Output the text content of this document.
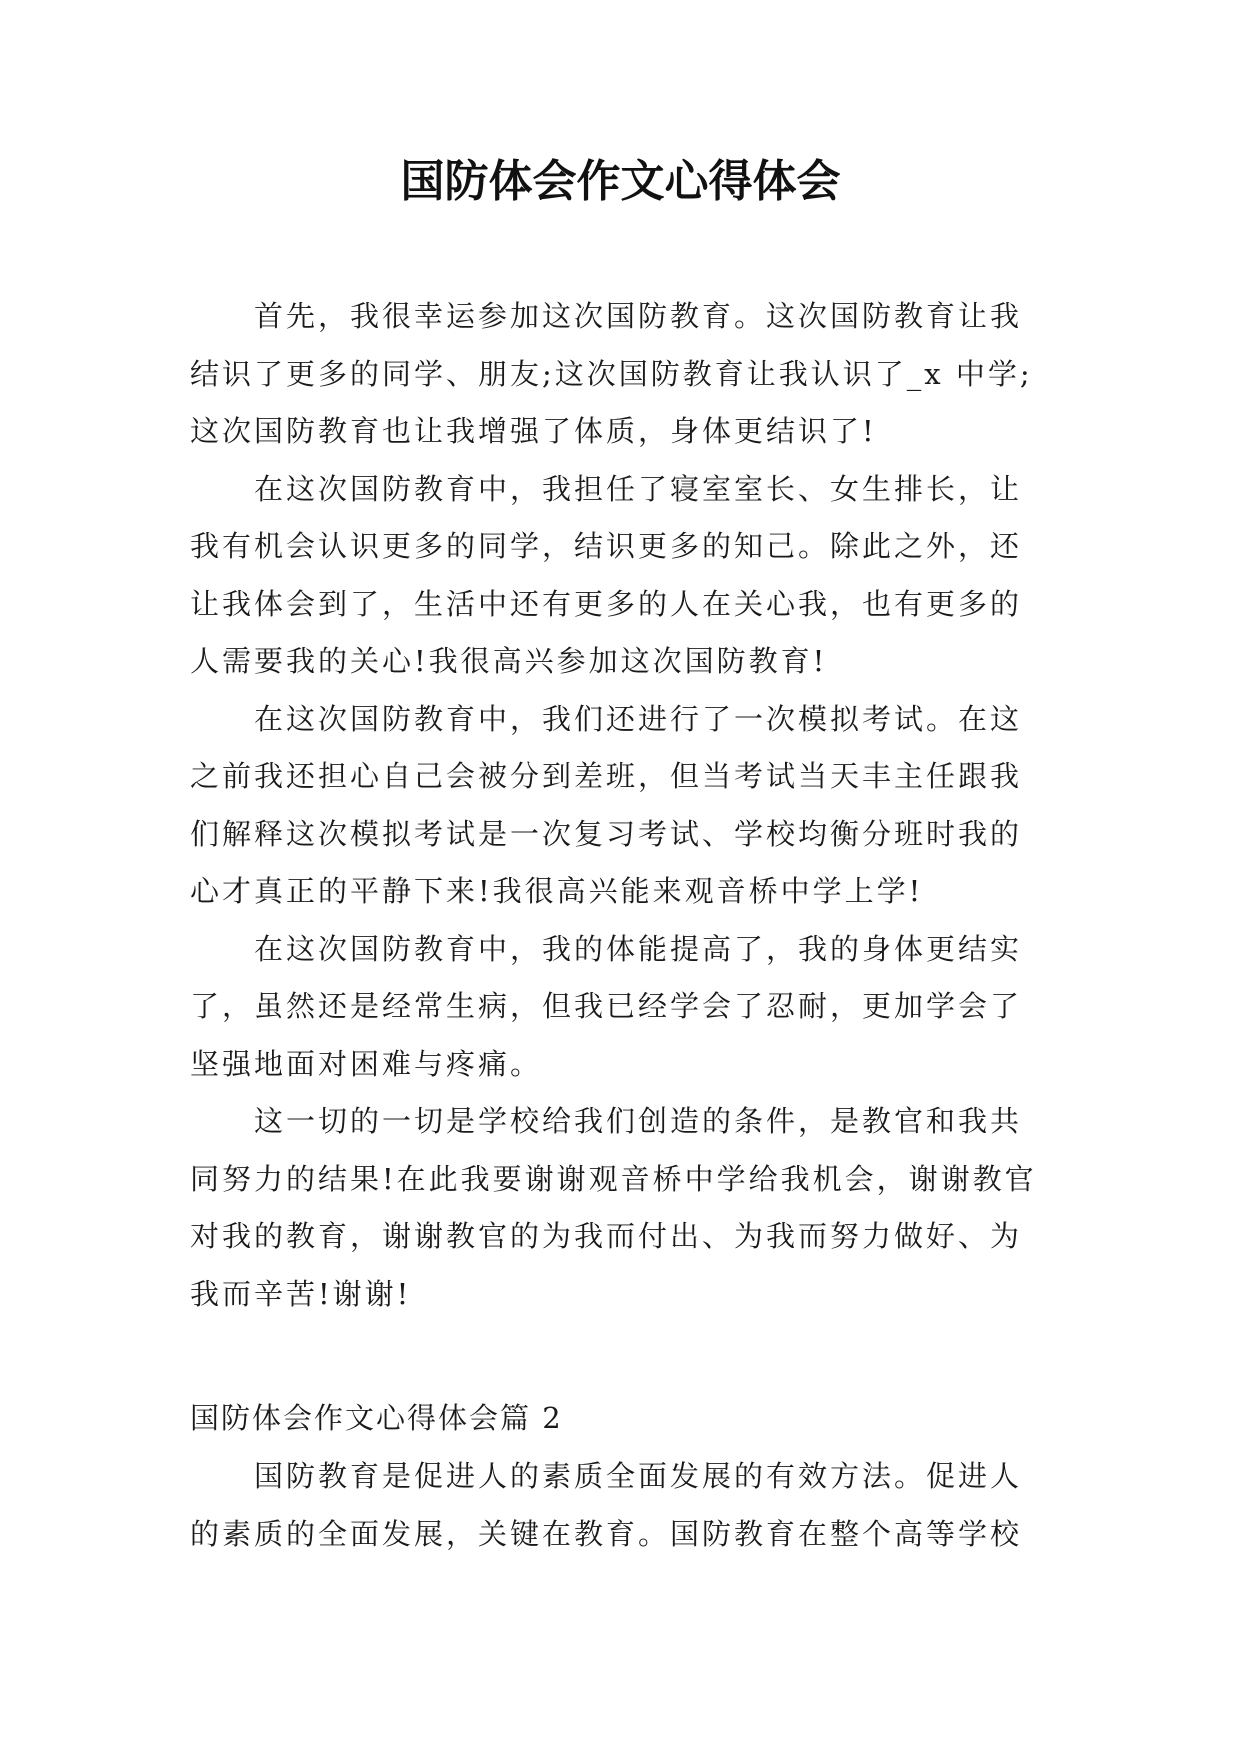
国防体会作文心得体会

首先，我很幸运参加这次国防教育。这次国防教育让我结识了更多的同学、朋友;这次国防教育让我认识了_x 中学;这次国防教育也让我增强了体质，身体更结识了!

在这次国防教育中，我担任了寝室室长、女生排长，让我有机会认识更多的同学，结识更多的知己。除此之外，还让我体会到了，生活中还有更多的人在关心我，也有更多的人需要我的关心!我很高兴参加这次国防教育!

在这次国防教育中，我们还进行了一次模拟考试。在这之前我还担心自己会被分到差班，但当考试当天丰主任跟我们解释这次模拟考试是一次复习考试、学校均衡分班时我的心才真正的平静下来!我很高兴能来观音桥中学上学!

在这次国防教育中，我的体能提高了，我的身体更结实了，虽然还是经常生病，但我已经学会了忍耐，更加学会了坚强地面对困难与疼痛。

这一切的一切是学校给我们创造的条件，是教官和我共同努力的结果!在此我要谢谢观音桥中学给我机会，谢谢教官对我的教育，谢谢教官的为我而付出、为我而努力做好、为我而辛苦!谢谢!

国防体会作文心得体会篇 2

国防教育是促进人的素质全面发展的有效方法。促进人的素质的全面发展，关键在教育。国防教育在整个高等学校
